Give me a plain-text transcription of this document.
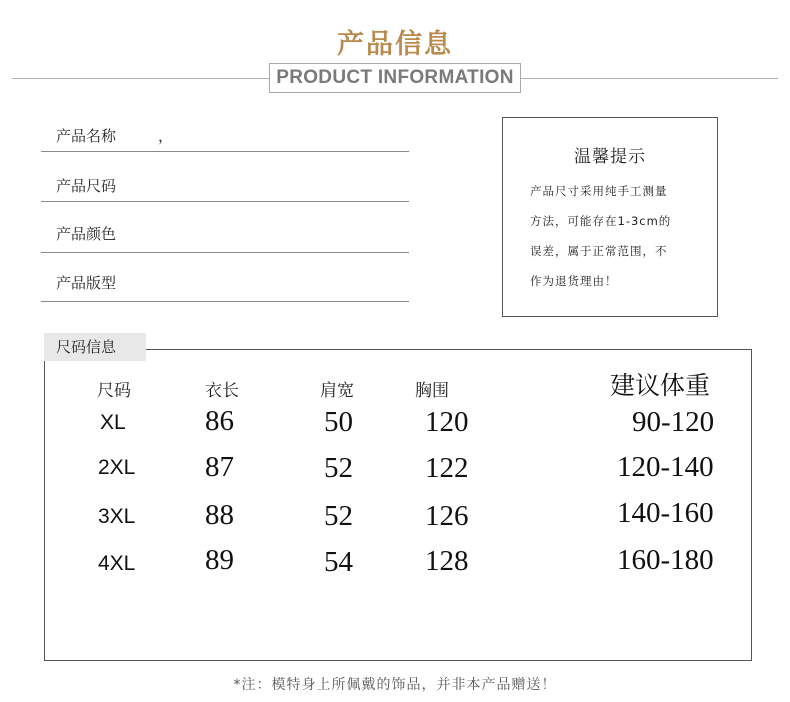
产品信息
PRODUCT INFORMATION
产品名称	，
产品尺码
产品颜色
产品版型
温馨提示
产品尺寸采用纯手工测量
方法，可能存在1-3cm的
误差，属于正常范围，不
作为退货理由！
尺码信息
尺码	衣长	肩宽	胸围	建议体重
XL	86	50 120	90-120
2XL 87	52 122	120-140
3XL 88	52 126	140-160
4XL 89	54 128	160-180
*注：模特身上所佩戴的饰品，并非本产品赠送！
